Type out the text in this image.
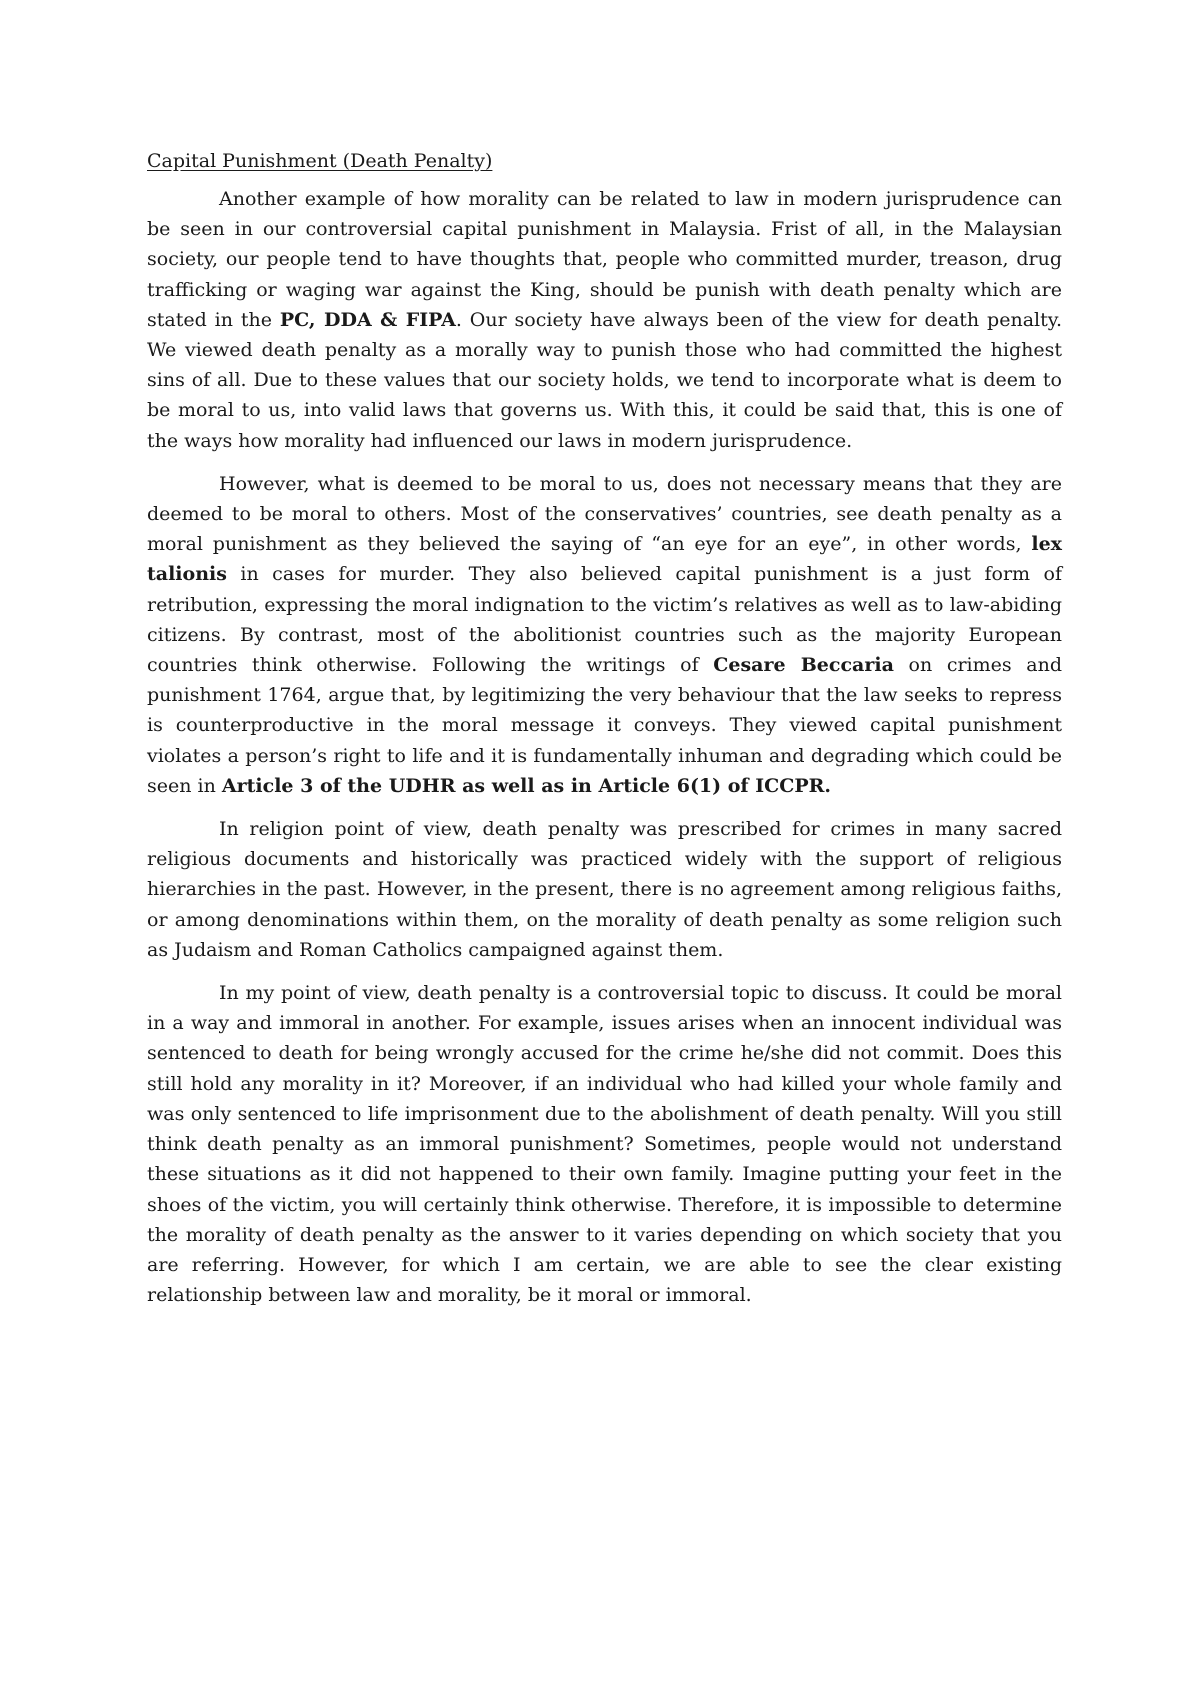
Capital Punishment (Death Penalty)

Another example of how morality can be related to law in modern jurisprudence can be seen in our controversial capital punishment in Malaysia. Frist of all, in the Malaysian society, our people tend to have thoughts that, people who committed murder, treason, drug trafficking or waging war against the King, should be punish with death penalty which are stated in the PC, DDA & FIPA. Our society have always been of the view for death penalty. We viewed death penalty as a morally way to punish those who had committed the highest sins of all. Due to these values that our society holds, we tend to incorporate what is deem to be moral to us, into valid laws that governs us. With this, it could be said that, this is one of the ways how morality had influenced our laws in modern jurisprudence.

However, what is deemed to be moral to us, does not necessary means that they are deemed to be moral to others. Most of the conservatives’ countries, see death penalty as a moral punishment as they believed the saying of “an eye for an eye”, in other words, lex talionis in cases for murder. They also believed capital punishment is a just form of retribution, expressing the moral indignation to the victim’s relatives as well as to law-abiding citizens. By contrast, most of the abolitionist countries such as the majority European countries think otherwise. Following the writings of Cesare Beccaria on crimes and punishment 1764, argue that, by legitimizing the very behaviour that the law seeks to repress is counterproductive in the moral message it conveys. They viewed capital punishment violates a person’s right to life and it is fundamentally inhuman and degrading which could be seen in Article 3 of the UDHR as well as in Article 6(1) of ICCPR.

In religion point of view, death penalty was prescribed for crimes in many sacred religious documents and historically was practiced widely with the support of religious hierarchies in the past. However, in the present, there is no agreement among religious faiths, or among denominations within them, on the morality of death penalty as some religion such as Judaism and Roman Catholics campaigned against them.

In my point of view, death penalty is a controversial topic to discuss. It could be moral in a way and immoral in another. For example, issues arises when an innocent individual was sentenced to death for being wrongly accused for the crime he/she did not commit. Does this still hold any morality in it? Moreover, if an individual who had killed your whole family and was only sentenced to life imprisonment due to the abolishment of death penalty. Will you still think death penalty as an immoral punishment? Sometimes, people would not understand these situations as it did not happened to their own family. Imagine putting your feet in the shoes of the victim, you will certainly think otherwise. Therefore, it is impossible to determine the morality of death penalty as the answer to it varies depending on which society that you are referring. However, for which I am certain, we are able to see the clear existing relationship between law and morality, be it moral or immoral.
